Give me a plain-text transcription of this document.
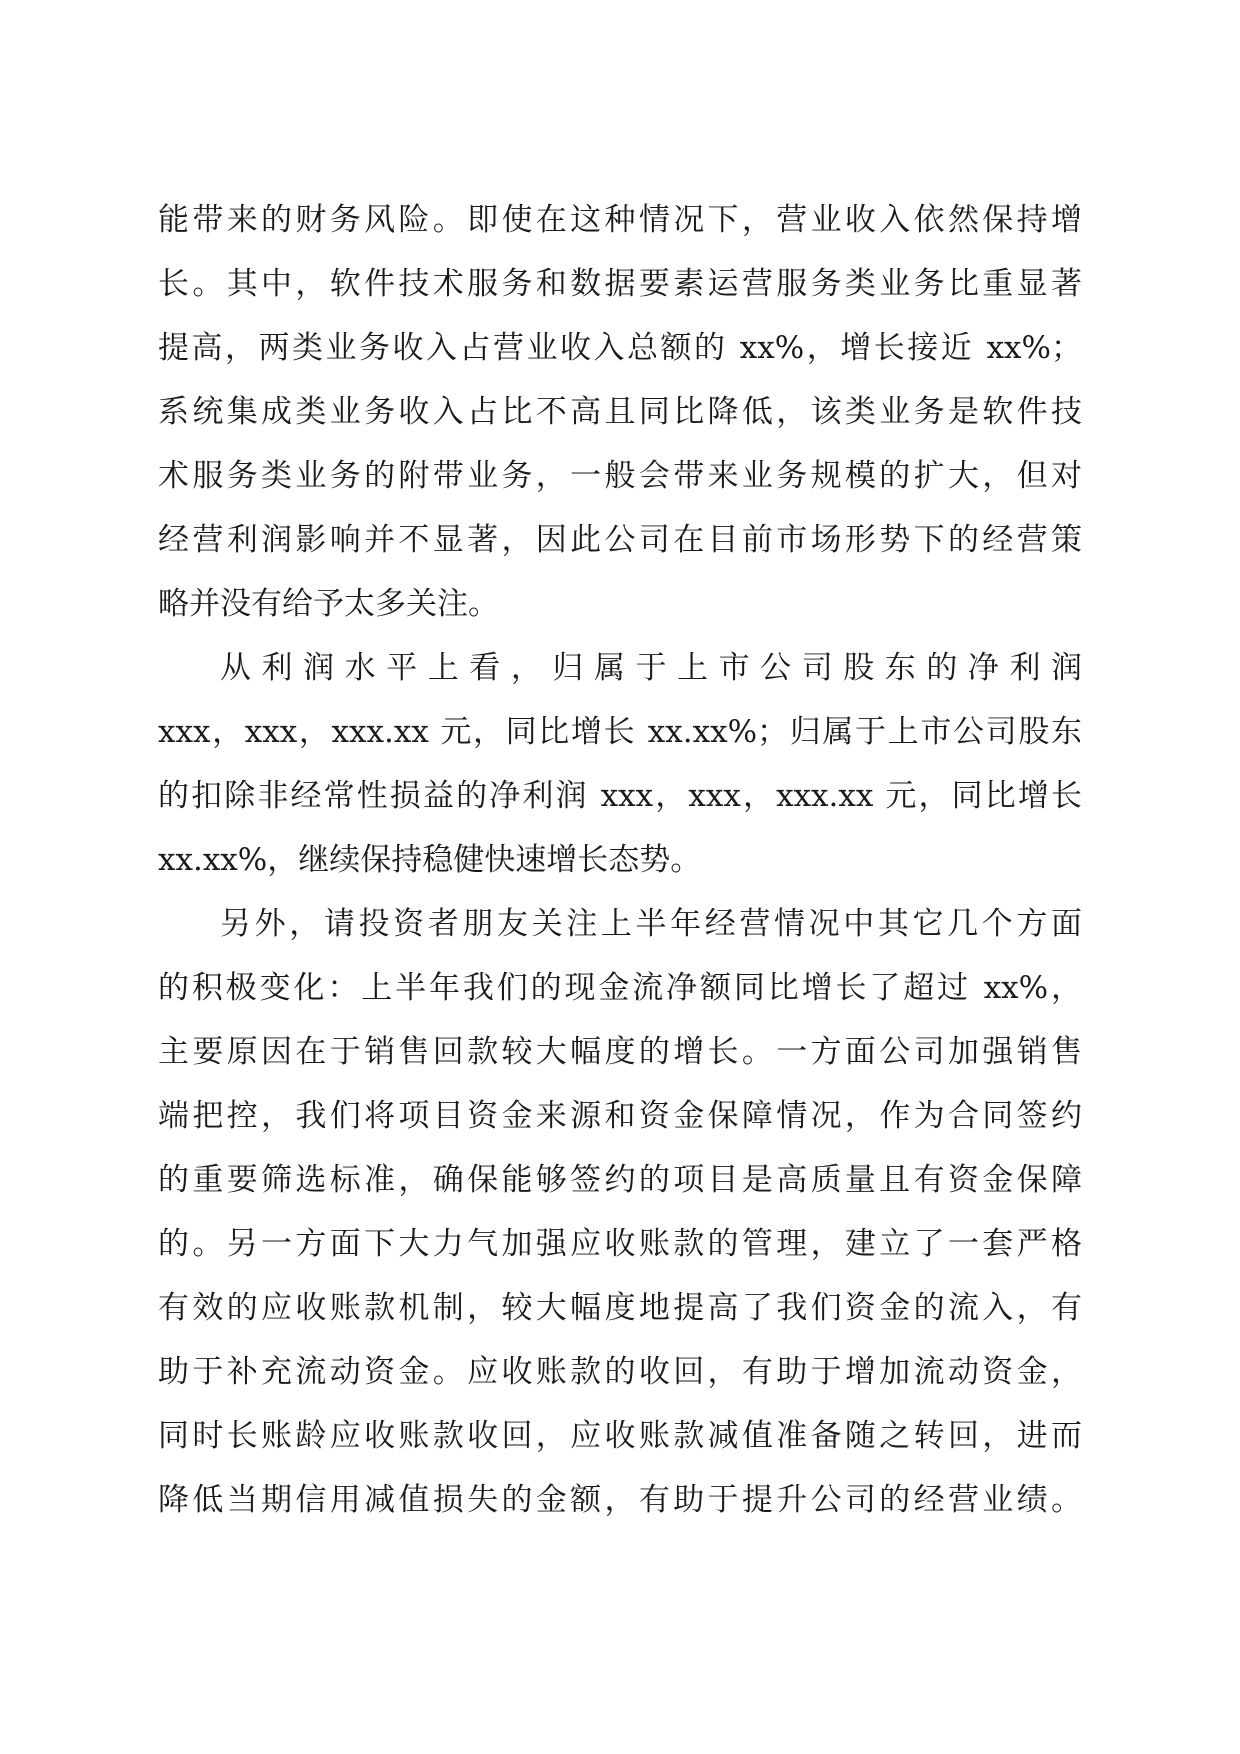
能带来的财务风险。即使在这种情况下，营业收入依然保持增
长。其中，软件技术服务和数据要素运营服务类业务比重显著
提高，两类业务收入占营业收入总额的 xx%，增长接近 xx%；
系统集成类业务收入占比不高且同比降低，该类业务是软件技
术服务类业务的附带业务，一般会带来业务规模的扩大，但对
经营利润影响并不显著，因此公司在目前市场形势下的经营策
略并没有给予太多关注。
从利润水平上看，归属于上市公司股东的净利润
xxx，xxx，xxx.xx 元，同比增长 xx.xx%；归属于上市公司股东
的扣除非经常性损益的净利润 xxx，xxx，xxx.xx 元，同比增长
xx.xx%，继续保持稳健快速增长态势。
另外，请投资者朋友关注上半年经营情况中其它几个方面
的积极变化：上半年我们的现金流净额同比增长了超过 xx%，
主要原因在于销售回款较大幅度的增长。一方面公司加强销售
端把控，我们将项目资金来源和资金保障情况，作为合同签约
的重要筛选标准，确保能够签约的项目是高质量且有资金保障
的。另一方面下大力气加强应收账款的管理，建立了一套严格
有效的应收账款机制，较大幅度地提高了我们资金的流入，有
助于补充流动资金。应收账款的收回，有助于增加流动资金，
同时长账龄应收账款收回，应收账款减值准备随之转回，进而
降低当期信用减值损失的金额，有助于提升公司的经营业绩。
